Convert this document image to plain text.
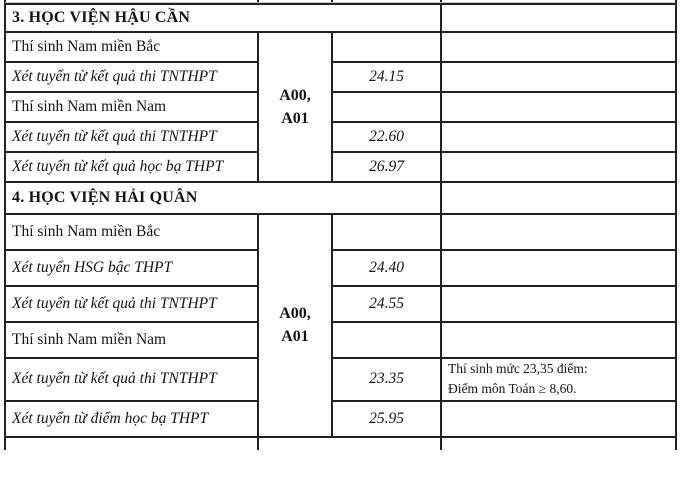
3. HỌC VIỆN HẬU CẦN			
Thí sinh Nam miền Bắc	A00,
A01		
Xét tuyển từ kết quả thi TNTHPT		24.15	
Thí sinh Nam miền Nam			
Xét tuyển từ kết quả thi TNTHPT		22.60	
Xét tuyển từ kết quả học bạ THPT		26.97	
4. HỌC VIỆN HẢI QUÂN			
Thí sinh Nam miền Bắc	A00,
A01		
Xét tuyển HSG bậc THPT		24.40	
Xét tuyển từ kết quả thi TNTHPT		24.55	
Thí sinh Nam miền Nam			
Xét tuyển từ kết quả thi TNTHPT		23.35	Thí sinh mức 23,35 điểm:
Điểm môn Toán ≥ 8,60.

Xét tuyển từ điểm học bạ THPT		25.95	
